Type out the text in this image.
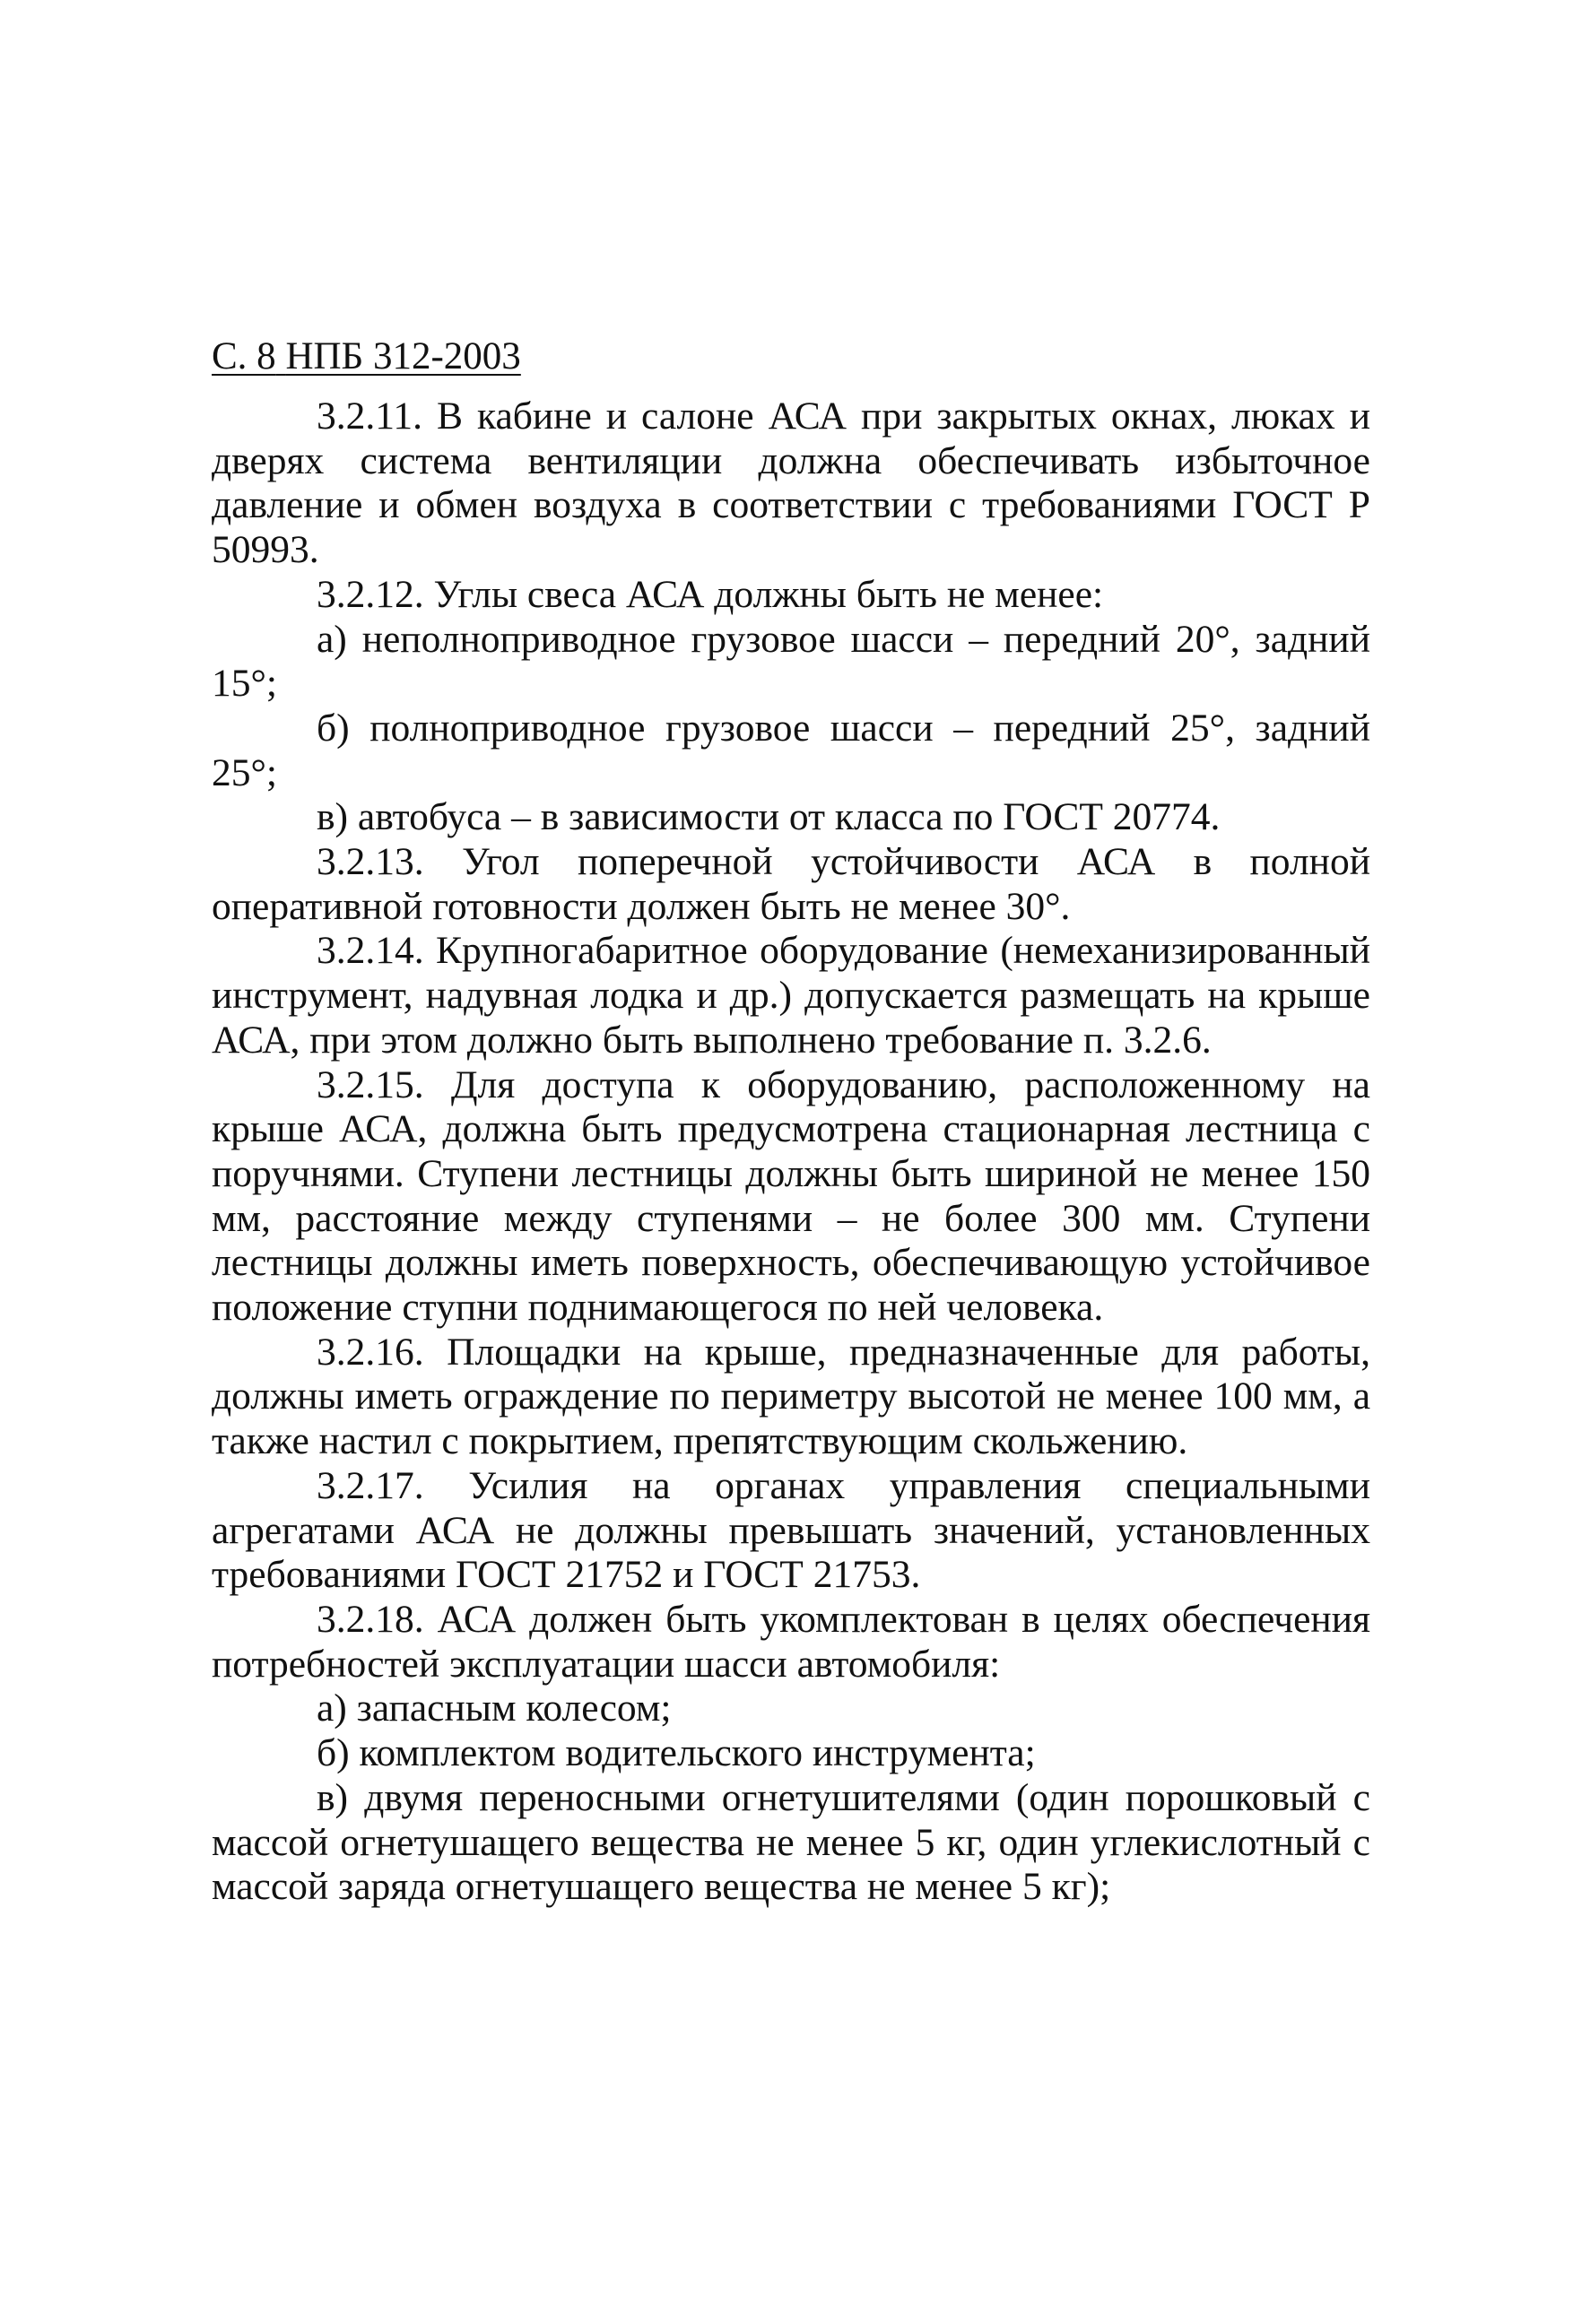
С. 8 НПБ 312-2003

3.2.11. В кабине и салоне АСА при закрытых окнах, люках и дверях система вентиляции должна обеспечивать избыточное давление и обмен воздуха в соответствии с требованиями ГОСТ Р 50993.

3.2.12. Углы свеса АСА должны быть не менее:

а) неполноприводное грузовое шасси – передний 20°, задний 15°;

б) полноприводное грузовое шасси – передний 25°, задний 25°;

в) автобуса – в зависимости от класса по ГОСТ 20774.

3.2.13. Угол поперечной устойчивости АСА в полной оперативной готовности должен быть не менее 30°.

3.2.14. Крупногабаритное оборудование (немеханизированный инструмент, надувная лодка и др.) допускается размещать на крыше АСА, при этом должно быть выполнено требование п. 3.2.6.

3.2.15. Для доступа к оборудованию, расположенному на крыше АСА, должна быть предусмотрена стационарная лестница с поручнями. Ступени лестницы должны быть шириной не менее 150 мм, расстояние между ступенями – не более 300 мм. Ступени лестницы должны иметь поверхность, обеспечивающую устойчивое положение ступни поднимающегося по ней человека.

3.2.16. Площадки на крыше, предназначенные для работы, должны иметь ограждение по периметру высотой не менее 100 мм, а также настил с покрытием, препятствующим скольжению.

3.2.17. Усилия на органах управления специальными агрегатами АСА не должны превышать значений, установленных требованиями ГОСТ 21752 и ГОСТ 21753.

3.2.18. АСА должен быть укомплектован в целях обеспечения потребностей эксплуатации шасси автомобиля:

а) запасным колесом;

б) комплектом водительского инструмента;

в) двумя переносными огнетушителями (один порошковый с массой огнетушащего вещества не менее 5 кг, один углекислотный с массой заряда огнетушащего вещества не менее 5 кг);
